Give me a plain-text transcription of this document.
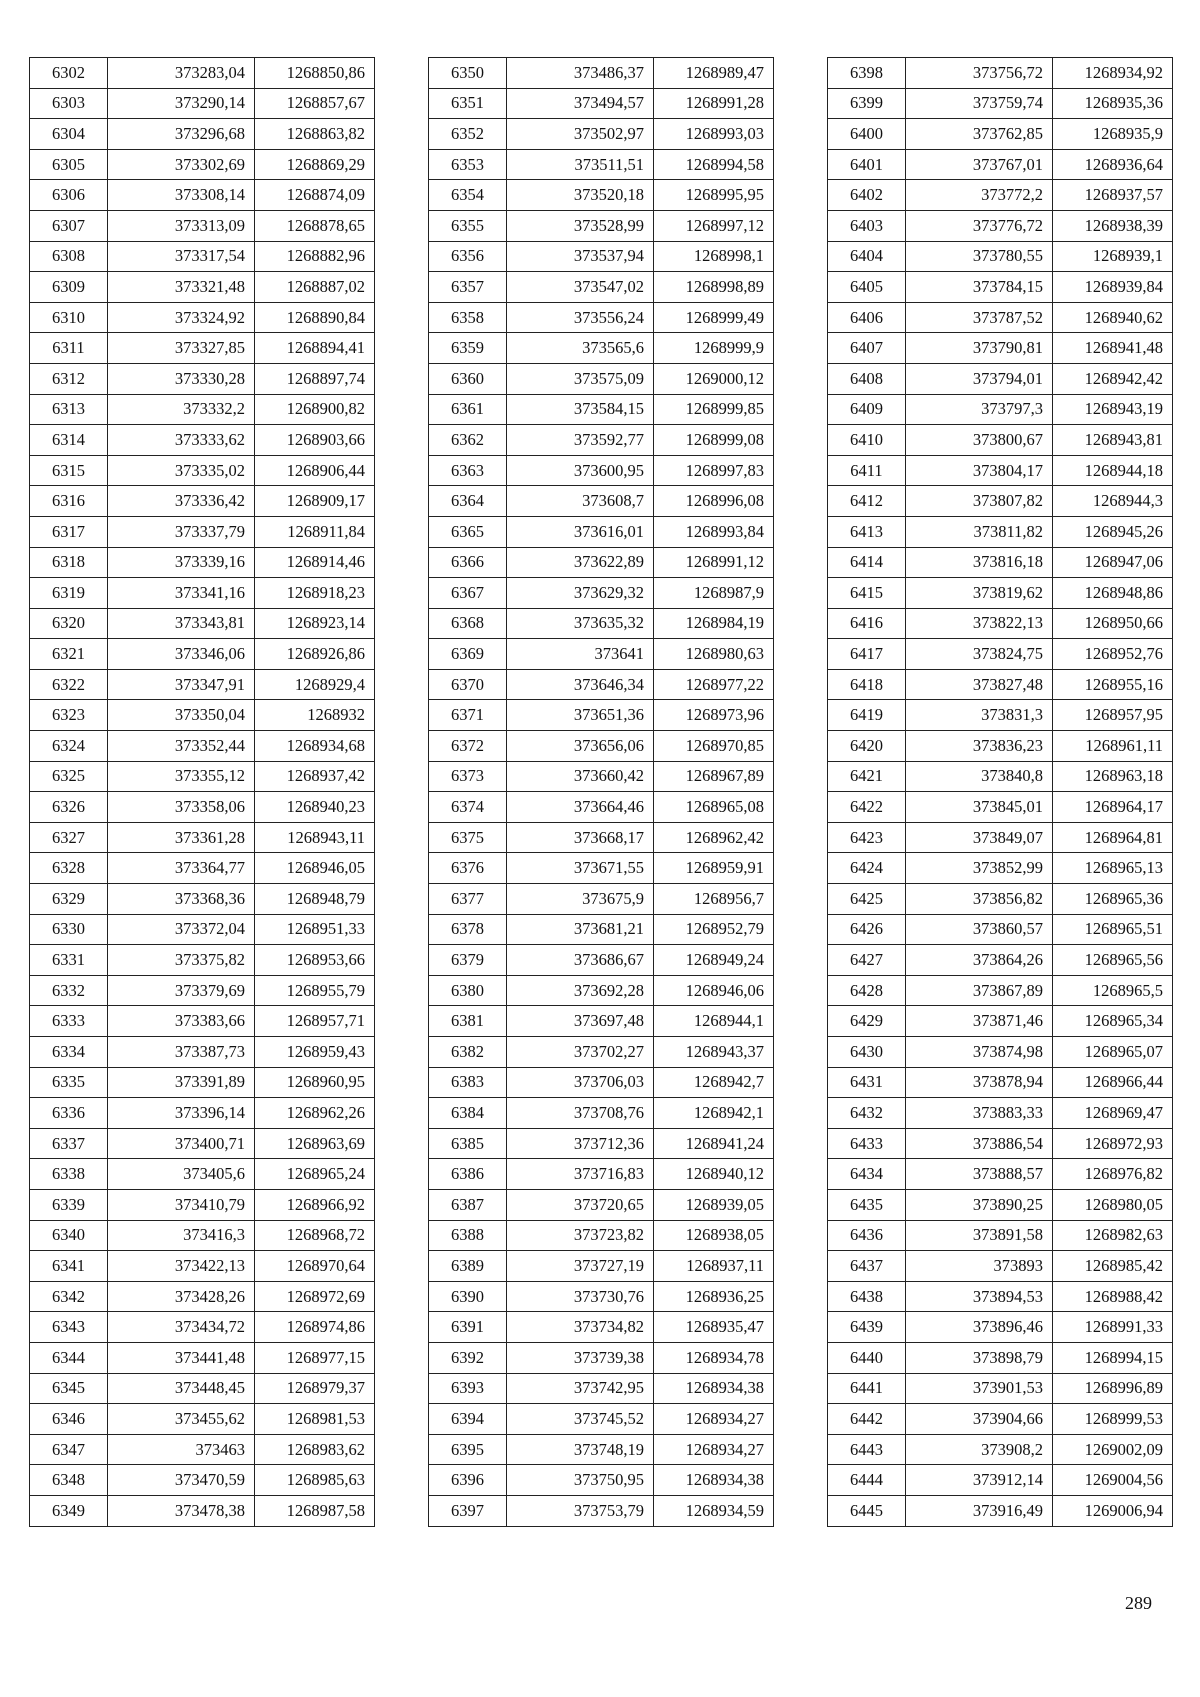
6302	373283,04	1268850,86
6303	373290,14	1268857,67
6304	373296,68	1268863,82
6305	373302,69	1268869,29
6306	373308,14	1268874,09
6307	373313,09	1268878,65
6308	373317,54	1268882,96
6309	373321,48	1268887,02
6310	373324,92	1268890,84
6311	373327,85	1268894,41
6312	373330,28	1268897,74
6313	373332,2	1268900,82
6314	373333,62	1268903,66
6315	373335,02	1268906,44
6316	373336,42	1268909,17
6317	373337,79	1268911,84
6318	373339,16	1268914,46
6319	373341,16	1268918,23
6320	373343,81	1268923,14
6321	373346,06	1268926,86
6322	373347,91	1268929,4
6323	373350,04	1268932
6324	373352,44	1268934,68
6325	373355,12	1268937,42
6326	373358,06	1268940,23
6327	373361,28	1268943,11
6328	373364,77	1268946,05
6329	373368,36	1268948,79
6330	373372,04	1268951,33
6331	373375,82	1268953,66
6332	373379,69	1268955,79
6333	373383,66	1268957,71
6334	373387,73	1268959,43
6335	373391,89	1268960,95
6336	373396,14	1268962,26
6337	373400,71	1268963,69
6338	373405,6	1268965,24
6339	373410,79	1268966,92
6340	373416,3	1268968,72
6341	373422,13	1268970,64
6342	373428,26	1268972,69
6343	373434,72	1268974,86
6344	373441,48	1268977,15
6345	373448,45	1268979,37
6346	373455,62	1268981,53
6347	373463	1268983,62
6348	373470,59	1268985,63
6349	373478,38	1268987,58
6350	373486,37	1268989,47
6351	373494,57	1268991,28
6352	373502,97	1268993,03
6353	373511,51	1268994,58
6354	373520,18	1268995,95
6355	373528,99	1268997,12
6356	373537,94	1268998,1
6357	373547,02	1268998,89
6358	373556,24	1268999,49
6359	373565,6	1268999,9
6360	373575,09	1269000,12
6361	373584,15	1268999,85
6362	373592,77	1268999,08
6363	373600,95	1268997,83
6364	373608,7	1268996,08
6365	373616,01	1268993,84
6366	373622,89	1268991,12
6367	373629,32	1268987,9
6368	373635,32	1268984,19
6369	373641	1268980,63
6370	373646,34	1268977,22
6371	373651,36	1268973,96
6372	373656,06	1268970,85
6373	373660,42	1268967,89
6374	373664,46	1268965,08
6375	373668,17	1268962,42
6376	373671,55	1268959,91
6377	373675,9	1268956,7
6378	373681,21	1268952,79
6379	373686,67	1268949,24
6380	373692,28	1268946,06
6381	373697,48	1268944,1
6382	373702,27	1268943,37
6383	373706,03	1268942,7
6384	373708,76	1268942,1
6385	373712,36	1268941,24
6386	373716,83	1268940,12
6387	373720,65	1268939,05
6388	373723,82	1268938,05
6389	373727,19	1268937,11
6390	373730,76	1268936,25
6391	373734,82	1268935,47
6392	373739,38	1268934,78
6393	373742,95	1268934,38
6394	373745,52	1268934,27
6395	373748,19	1268934,27
6396	373750,95	1268934,38
6397	373753,79	1268934,59
6398	373756,72	1268934,92
6399	373759,74	1268935,36
6400	373762,85	1268935,9
6401	373767,01	1268936,64
6402	373772,2	1268937,57
6403	373776,72	1268938,39
6404	373780,55	1268939,1
6405	373784,15	1268939,84
6406	373787,52	1268940,62
6407	373790,81	1268941,48
6408	373794,01	1268942,42
6409	373797,3	1268943,19
6410	373800,67	1268943,81
6411	373804,17	1268944,18
6412	373807,82	1268944,3
6413	373811,82	1268945,26
6414	373816,18	1268947,06
6415	373819,62	1268948,86
6416	373822,13	1268950,66
6417	373824,75	1268952,76
6418	373827,48	1268955,16
6419	373831,3	1268957,95
6420	373836,23	1268961,11
6421	373840,8	1268963,18
6422	373845,01	1268964,17
6423	373849,07	1268964,81
6424	373852,99	1268965,13
6425	373856,82	1268965,36
6426	373860,57	1268965,51
6427	373864,26	1268965,56
6428	373867,89	1268965,5
6429	373871,46	1268965,34
6430	373874,98	1268965,07
6431	373878,94	1268966,44
6432	373883,33	1268969,47
6433	373886,54	1268972,93
6434	373888,57	1268976,82
6435	373890,25	1268980,05
6436	373891,58	1268982,63
6437	373893	1268985,42
6438	373894,53	1268988,42
6439	373896,46	1268991,33
6440	373898,79	1268994,15
6441	373901,53	1268996,89
6442	373904,66	1268999,53
6443	373908,2	1269002,09
6444	373912,14	1269004,56
6445	373916,49	1269006,94
289
